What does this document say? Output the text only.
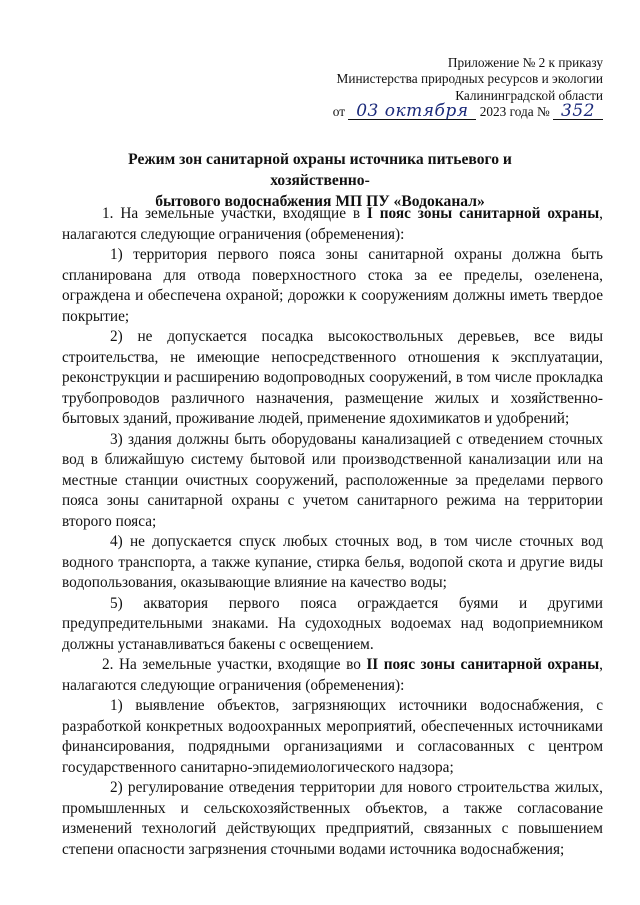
Приложение № 2 к приказу
Министерства природных ресурсов и экологии
Калининградской области
от 03 октября 2023 года № 352
Режим зон санитарной охраны источника питьевого и хозяйственно-
бытового водоснабжения МП ПУ «Водоканал»

1. На земельные участки, входящие в I пояс зоны санитарной охраны, налагаются следующие ограничения (обременения):

1) территория первого пояса зоны санитарной охраны должна быть спланирована для отвода поверхностного стока за ее пределы, озеленена, ограждена и обеспечена охраной; дорожки к сооружениям должны иметь твердое покрытие;

2) не допускается посадка высокоствольных деревьев, все виды строительства, не имеющие непосредственного отношения к эксплуатации, реконструкции и расширению водопроводных сооружений, в том числе прокладка трубопроводов различного назначения, размещение жилых и хозяйственно-бытовых зданий, проживание людей, применение ядохимикатов и удобрений;

3) здания должны быть оборудованы канализацией с отведением сточных вод в ближайшую систему бытовой или производственной канализации или на местные станции очистных сооружений, расположенные за пределами первого пояса зоны санитарной охраны с учетом санитарного режима на территории второго пояса;

4) не допускается спуск любых сточных вод, в том числе сточных вод водного транспорта, а также купание, стирка белья, водопой скота и другие виды водопользования, оказывающие влияние на качество воды;

5) акватория первого пояса ограждается буями и другими предупредительными знаками. На судоходных водоемах над водоприемником должны устанавливаться бакены с освещением.

2. На земельные участки, входящие во II пояс зоны санитарной охраны, налагаются следующие ограничения (обременения):

1) выявление объектов, загрязняющих источники водоснабжения, с разработкой конкретных водоохранных мероприятий, обеспеченных источниками финансирования, подрядными организациями и согласованных с центром государственного санитарно-эпидемиологического надзора;

2) регулирование отведения территории для нового строительства жилых, промышленных и сельскохозяйственных объектов, а также согласование изменений технологий действующих предприятий, связанных с повышением степени опасности загрязнения сточными водами источника водоснабжения;
